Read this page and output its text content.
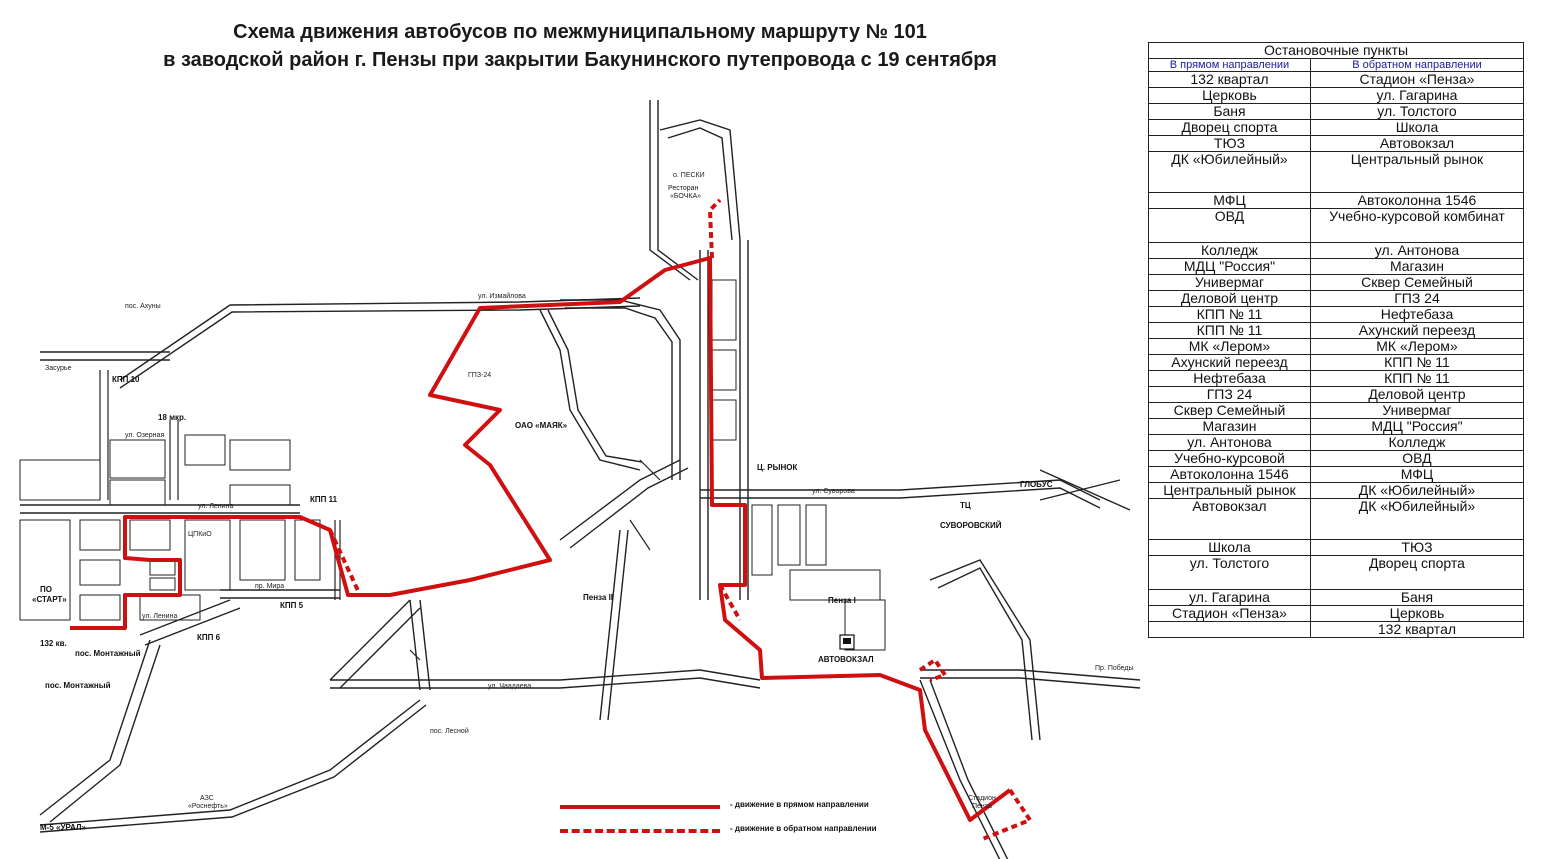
Схема движения автобусов по межмуниципальному маршруту № 101
в заводской район г. Пензы при закрытии Бакунинского путепровода с 19 сентября
пос. Ахуны
Засурье
КПП 10
18 мкр.
ул. Озерная
КПП 11
ул. Ленина
ЦПКиО
пр. Мира
КПП 5
КПП 6
ПО
«СТАРТ»
ул. Ленина
132 кв.
пос. Монтажный
пос. Монтажный
М-5 «УРАЛ»
АЗС
«Роснефть»
пос. Лесной
ул. Чаадаева
ул. Измайлова
ГПЗ-24
ОАО «МАЯК»
о. ПЕСКИ
Ресторан
«БОЧКА»
Ц. РЫНОК
ул. Суворова
ГЛОБУС
ТЦ
СУВОРОВСКИЙ
Пенза II	Пенза I
АВТОВОКЗАЛ
Пр. Победы
Стадион
Пенза
- движение в прямом направлении
- движение в обратном направлении
Остановочные пункты	
В прямом направлении	В обратном направлении
132 квартал	Стадион «Пенза»
Церковь	ул. Гагарина
Баня	ул. Толстого
Дворец спорта	Школа
ТЮЗ	Автовокзал
ДК «Юбилейный»	Центральный рынок
МФЦ	Автоколонна 1546
ОВД	Учебно-курсовой комбинат
Колледж	ул. Антонова
МДЦ "Россия"	Магазин
Универмаг	Сквер Семейный
Деловой центр	ГПЗ 24
КПП № 11	Нефтебаза
КПП № 11	Ахунский переезд
МК «Лером»	МК «Лером»
Ахунский переезд	КПП № 11
Нефтебаза	КПП № 11
ГПЗ 24	Деловой центр
Сквер Семейный	Универмаг
Магазин	МДЦ "Россия"
ул. Антонова	Колледж
Учебно-курсовой	ОВД
Автоколонна 1546	МФЦ
Центральный рынок	ДК «Юбилейный»
Автовокзал	ДК «Юбилейный»
Школа	ТЮЗ
ул. Толстого	Дворец спорта
ул. Гагарина	Баня
Стадион «Пенза»	Церковь
	132 квартал
